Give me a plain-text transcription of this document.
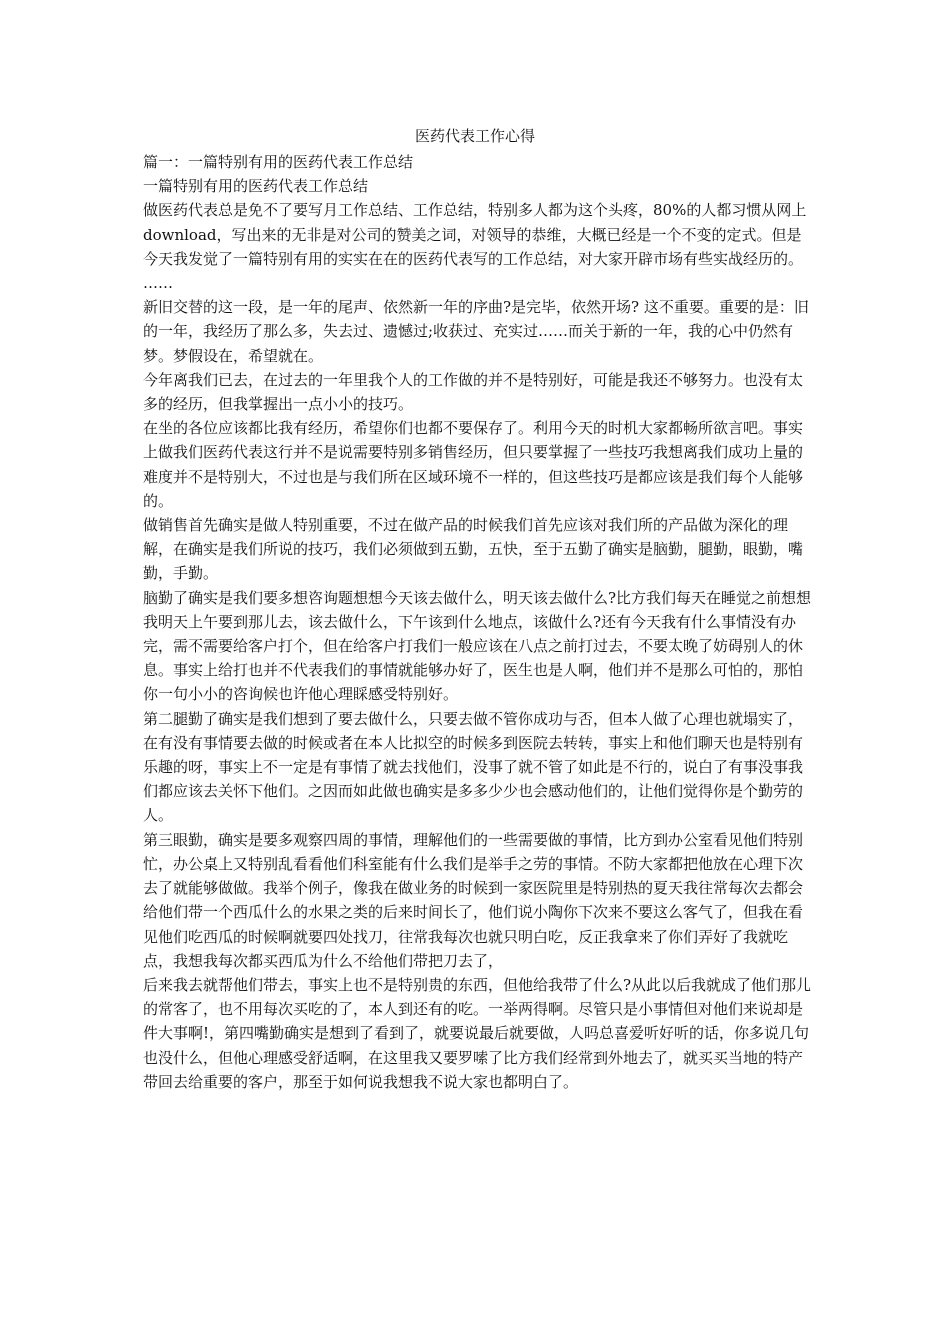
医药代表工作心得

篇一：一篇特别有用的医药代表工作总结

一篇特别有用的医药代表工作总结

做医药代表总是免不了要写月工作总结、工作总结，特别多人都为这个头疼，80%的人都习惯从网上 download，写出来的无非是对公司的赞美之词，对领导的恭维，大概已经是一个不变的定式。但是今天我发觉了一篇特别有用的实实在在的医药代表写的工作总结，对大家开辟市场有些实战经历的。

……

新旧交替的这一段，是一年的尾声、依然新一年的序曲?是完毕，依然开场? 这不重要。重要的是：旧的一年，我经历了那么多，失去过、遗憾过;收获过、充实过……而关于新的一年，我的心中仍然有梦。梦假设在，希望就在。

今年离我们已去，在过去的一年里我个人的工作做的并不是特别好，可能是我还不够努力。也没有太多的经历，但我掌握出一点小小的技巧。

在坐的各位应该都比我有经历，希望你们也都不要保存了。利用今天的时机大家都畅所欲言吧。事实上做我们医药代表这行并不是说需要特别多销售经历，但只要掌握了一些技巧我想离我们成功上量的难度并不是特别大，不过也是与我们所在区域环境不一样的，但这些技巧是都应该是我们每个人能够的。

做销售首先确实是做人特别重要，不过在做产品的时候我们首先应该对我们所的产品做为深化的理解，在确实是我们所说的技巧，我们必须做到五勤，五快，至于五勤了确实是脑勤，腿勤，眼勤，嘴勤，手勤。

脑勤了确实是我们要多想咨询题想想今天该去做什么，明天该去做什么?比方我们每天在睡觉之前想想我明天上午要到那儿去，该去做什么，下午该到什么地点，该做什么?还有今天我有什么事情没有办完，需不需要给客户打个，但在给客户打我们一般应该在八点之前打过去，不要太晚了妨碍别人的休息。事实上给打也并不代表我们的事情就能够办好了，医生也是人啊，他们并不是那么可怕的，那怕你一句小小的咨询候也许他心理睬感受特别好。

第二腿勤了确实是我们想到了要去做什么，只要去做不管你成功与否，但本人做了心理也就塌实了，在有没有事情要去做的时候或者在本人比拟空的时候多到医院去转转，事实上和他们聊天也是特别有乐趣的呀，事实上不一定是有事情了就去找他们，没事了就不管了如此是不行的，说白了有事没事我们都应该去关怀下他们。之因而如此做也确实是多多少少也会感动他们的，让他们觉得你是个勤劳的人。

第三眼勤，确实是要多观察四周的事情，理解他们的一些需要做的事情，比方到办公室看见他们特别忙，办公桌上又特别乱看看他们科室能有什么我们是举手之劳的事情。不防大家都把他放在心理下次去了就能够做做。我举个例子，像我在做业务的时候到一家医院里是特别热的夏天我往常每次去都会给他们带一个西瓜什么的水果之类的后来时间长了，他们说小陶你下次来不要这么客气了，但我在看见他们吃西瓜的时候啊就要四处找刀，往常我每次也就只明白吃，反正我拿来了你们弄好了我就吃点，我想我每次都买西瓜为什么不给他们带把刀去了，

后来我去就帮他们带去，事实上也不是特别贵的东西，但他给我带了什么?从此以后我就成了他们那儿的常客了，也不用每次买吃的了，本人到还有的吃。一举两得啊。尽管只是小事情但对他们来说却是件大事啊!，第四嘴勤确实是想到了看到了，就要说最后就要做，人吗总喜爱听好听的话，你多说几句也没什么，但他心理感受舒适啊，在这里我又要罗嗦了比方我们经常到外地去了，就买买当地的特产带回去给重要的客户，那至于如何说我想我不说大家也都明白了。
